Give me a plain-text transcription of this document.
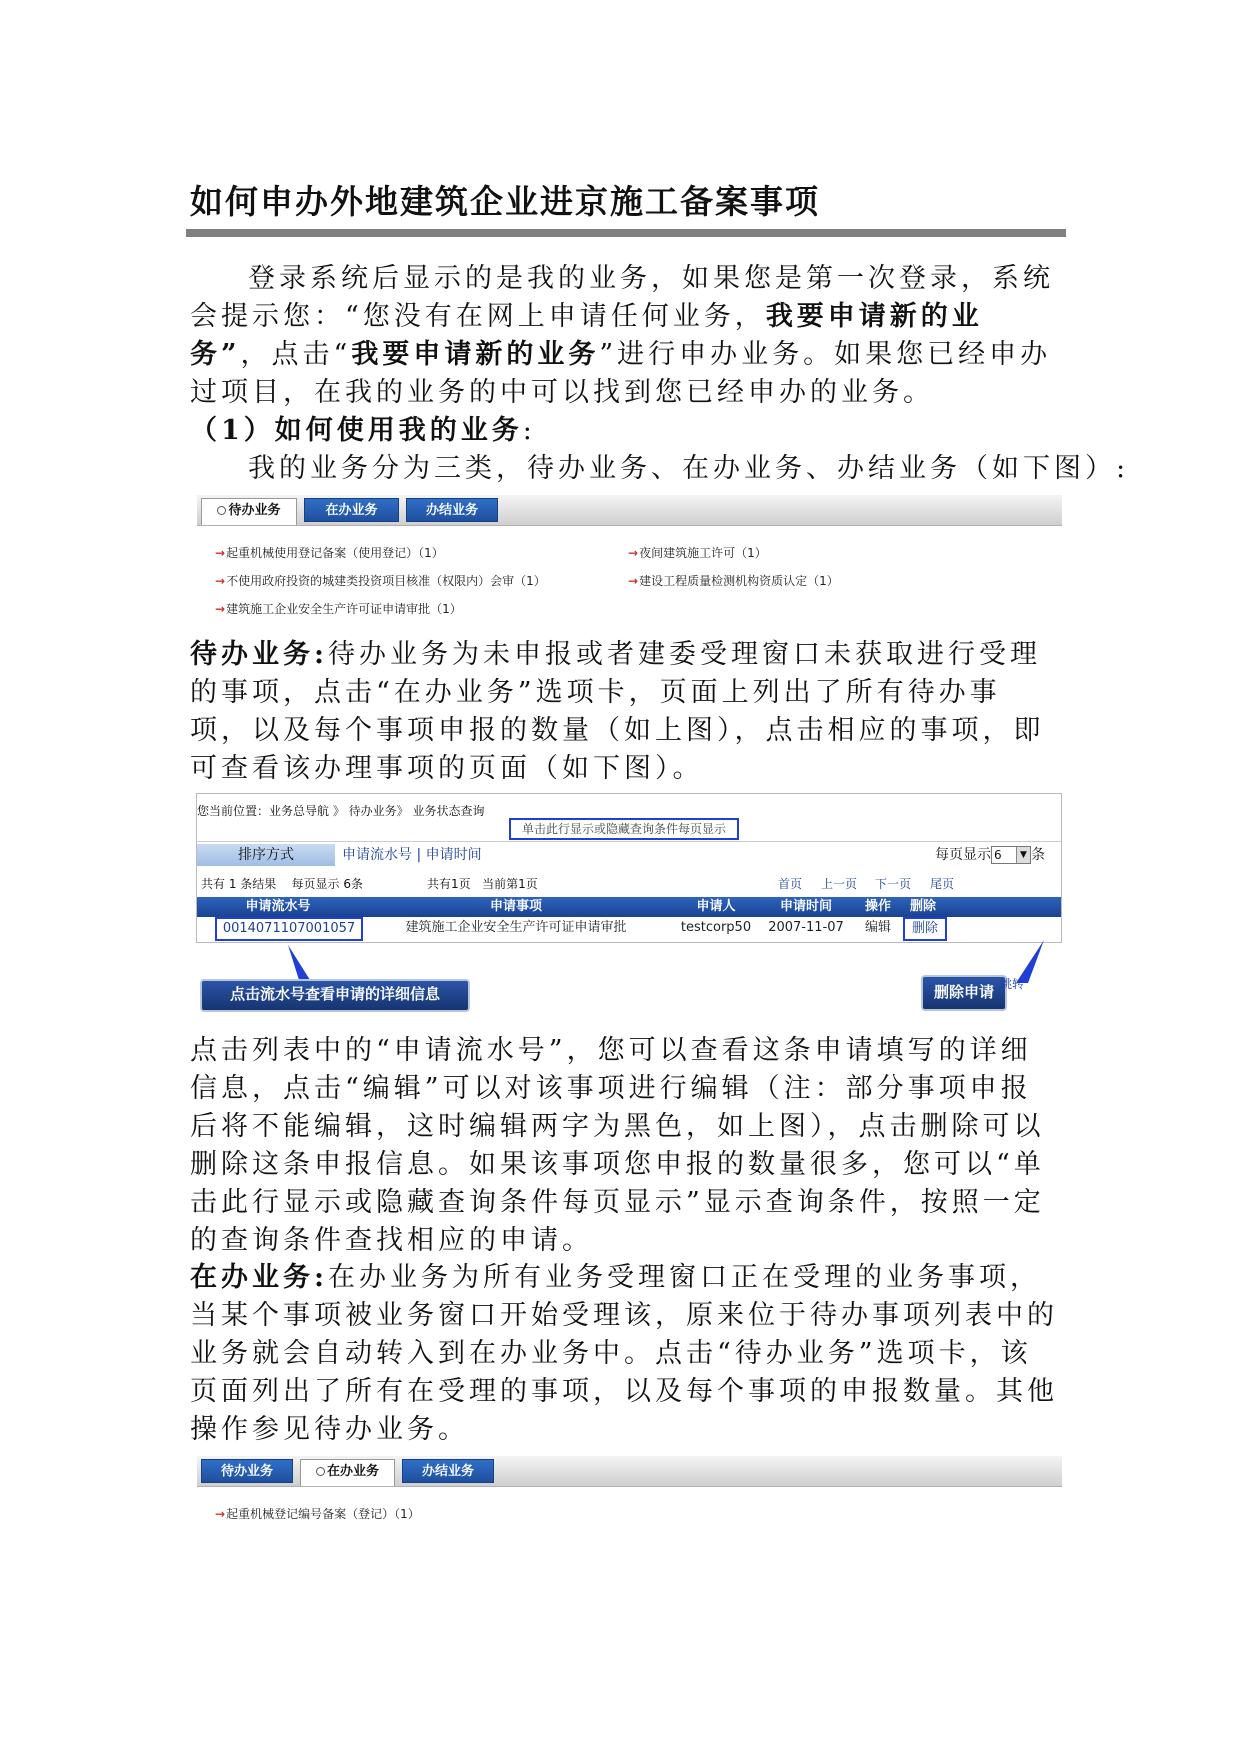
如何申办外地建筑企业进京施工备案事项
登录系统后显示的是我的业务，如果您是第一次登录，系统会提示您：“您没有在网上申请任何业务，我要申请新的业务”，点击“我要申请新的业务”进行申办业务。如果您已经申办过项目，在我的业务的中可以找到您已经申办的业务。
（1）如何使用我的业务:
我的业务分为三类，待办业务、在办业务、办结业务（如下图）:
待办业务	在办业务	办结业务
→起重机械使用登记备案（使用登记）（1）	→夜间建筑施工许可（1）
→不使用政府投资的城建类投资项目核准（权限内）会审（1）	→建设工程质量检测机构资质认定（1）
→建筑施工企业安全生产许可证申请审批（1）
待办业务:待办业务为未申报或者建委受理窗口未获取进行受理的事项，点击“在办业务”选项卡，页面上列出了所有待办事项，以及每个事项申报的数量（如上图），点击相应的事项，即可查看该办理事项的页面（如下图）。
您当前位置：业务总导航 》 待办业务》 业务状态查询
单击此行显示或隐藏查询条件每页显示
排序方式	申请流水号 | 申请时间	每页显示 6	▼ 条
共有 1 条结果    每页显示 6条	共有1页   当前第1页	首页 上一页 下一页 尾页
申请流水号	申请事项	申请人	申请时间	操作	删除
0014071107001057	建筑施工企业安全生产许可证申请审批	testcorp50	2007-11-07	编辑	删除
点击流水号查看申请的详细信息	删除申请 跳转
点击列表中的“申请流水号”，您可以查看这条申请填写的详细信息，点击“编辑”可以对该事项进行编辑（注：部分事项申报后将不能编辑，这时编辑两字为黑色，如上图），点击删除可以删除这条申报信息。如果该事项您申报的数量很多，您可以“单击此行显示或隐藏查询条件每页显示”显示查询条件，按照一定的查询条件查找相应的申请。
在办业务:在办业务为所有业务受理窗口正在受理的业务事项，当某个事项被业务窗口开始受理该，原来位于待办事项列表中的业务就会自动转入到在办业务中。点击“待办业务”选项卡，该页面列出了所有在受理的事项，以及每个事项的申报数量。其他操作参见待办业务。
待办业务	在办业务	办结业务
→起重机械登记编号备案（登记）（1）
